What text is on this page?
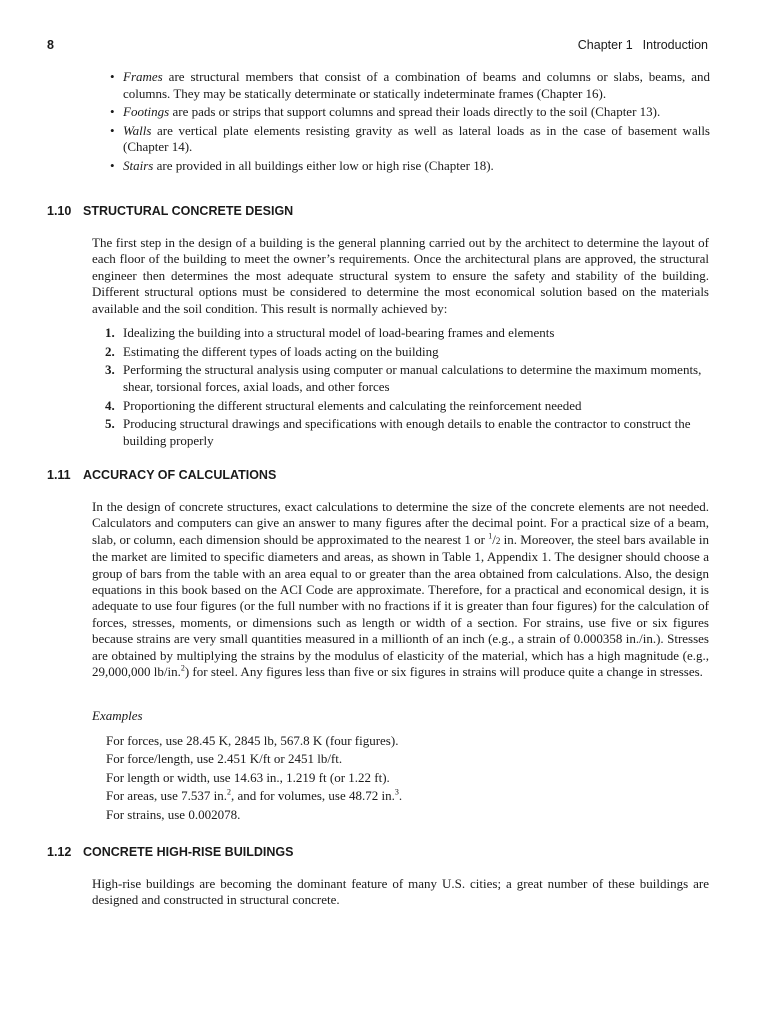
8	Chapter 1 Introduction
• Frames are structural members that consist of a combination of beams and columns or slabs, beams, and columns. They may be statically determinate or statically indeterminate frames (Chapter 16).
• Footings are pads or strips that support columns and spread their loads directly to the soil (Chapter 13).
• Walls are vertical plate elements resisting gravity as well as lateral loads as in the case of basement walls (Chapter 14).
• Stairs are provided in all buildings either low or high rise (Chapter 18).
1.10 STRUCTURAL CONCRETE DESIGN

The first step in the design of a building is the general planning carried out by the architect to determine the layout of each floor of the building to meet the owner’s requirements. Once the architectural plans are approved, the structural engineer then determines the most adequate structural system to ensure the safety and stability of the building. Different structural options must be considered to determine the most economical solution based on the materials available and the soil condition. This result is normally achieved by:

1. Idealizing the building into a structural model of load-bearing frames and elements
2. Estimating the different types of loads acting on the building
3. Performing the structural analysis using computer or manual calculations to determine the maximum moments, shear, torsional forces, axial loads, and other forces
4. Proportioning the different structural elements and calculating the reinforcement needed
5. Producing structural drawings and specifications with enough details to enable the contractor to construct the building properly
1.11 ACCURACY OF CALCULATIONS

In the design of concrete structures, exact calculations to determine the size of the concrete elements are not needed. Calculators and computers can give an answer to many figures after the decimal point. For a practical size of a beam, slab, or column, each dimension should be approximated to the nearest 1 or $^1$/2 in. Moreover, the steel bars available in the market are limited to specific diameters and areas, as shown in Table 1, Appendix 1. The designer should choose a group of bars from the table with an area equal to or greater than the area obtained from calculations. Also, the design equations in this book based on the ACI Code are approximate. Therefore, for a practical and economical design, it is adequate to use four figures (or the full number with no fractions if it is greater than four figures) for the calculation of forces, stresses, moments, or dimensions such as length or width of a section. For strains, use five or six figures because strains are very small quantities measured in a millionth of an inch (e.g., a strain of 0.000358 in./in.). Stresses are obtained by multiplying the strains by the modulus of elasticity of the material, which has a high magnitude (e.g., 29,000,000 lb/in.$^2$) for steel. Any figures less than five or six figures in strains will produce quite a change in stresses.

Examples
For forces, use 28.45 K, 2845 lb, 567.8 K (four figures).
For force/length, use 2.451 K/ft or 2451 lb/ft.
For length or width, use 14.63 in., 1.219 ft (or 1.22 ft).
For areas, use 7.537 in.$^2$, and for volumes, use 48.72 in.$^3$.
For strains, use 0.002078.
1.12 CONCRETE HIGH-RISE BUILDINGS

High-rise buildings are becoming the dominant feature of many U.S. cities; a great number of these buildings are designed and constructed in structural concrete.
